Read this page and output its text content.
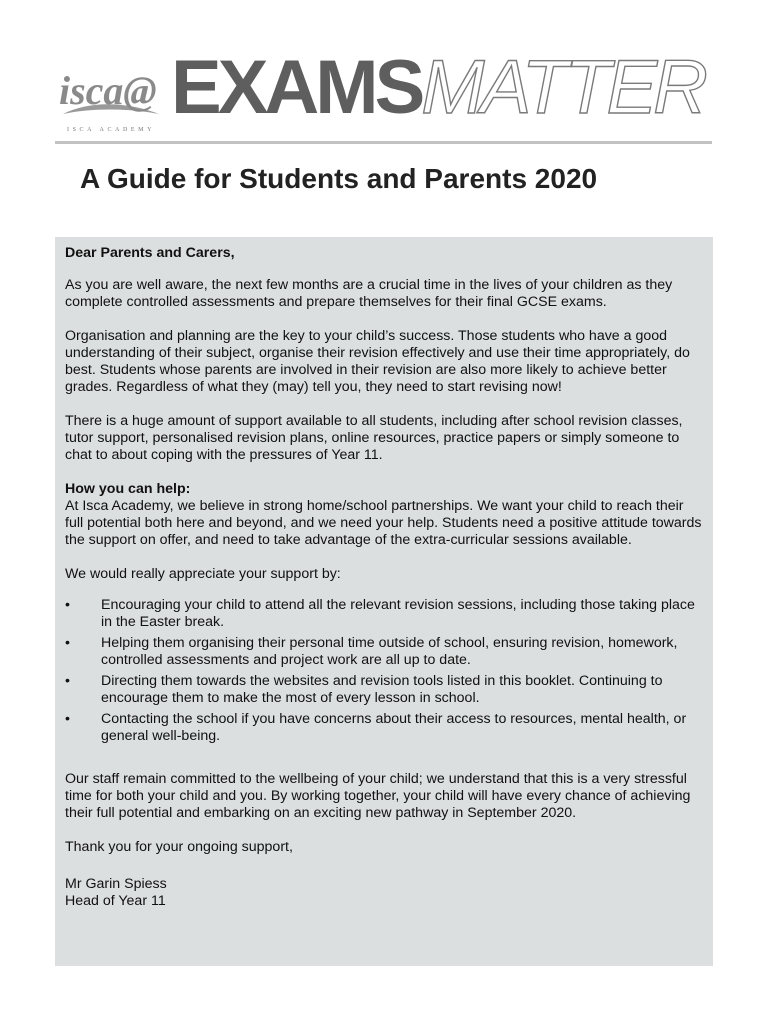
isca@
ISCA ACADEMY EXAMSMATTER
A Guide for Students and Parents 2020

Dear Parents and Carers,

As you are well aware, the next few months are a crucial time in the lives of your children as they complete controlled assessments and prepare themselves for their final GCSE exams.

Organisation and planning are the key to your child’s success. Those students who have a good understanding of their subject, organise their revision effectively and use their time appropriately, do best. Students whose parents are involved in their revision are also more likely to achieve better grades. Regardless of what they (may) tell you, they need to start revising now!

There is a huge amount of support available to all students, including after school revision classes, tutor support, personalised revision plans, online resources, practice papers or simply someone to chat to about coping with the pressures of Year 11.

How you can help:

At Isca Academy, we believe in strong home/school partnerships. We want your child to reach their full potential both here and beyond, and we need your help. Students need a positive attitude towards the support on offer, and need to take advantage of the extra-curricular sessions available.

We would really appreciate your support by:

• Encouraging your child to attend all the relevant revision sessions, including those taking place in the Easter break.
• Helping them organising their personal time outside of school, ensuring revision, homework, controlled assessments and project work are all up to date.
• Directing them towards the websites and revision tools listed in this booklet. Continuing to encourage them to make the most of every lesson in school.
• Contacting the school if you have concerns about their access to resources, mental health, or general well-being.

Our staff remain committed to the wellbeing of your child; we understand that this is a very stressful time for both your child and you. By working together, your child will have every chance of achieving their full potential and embarking on an exciting new pathway in September 2020.

Thank you for your ongoing support,

Mr Garin Spiess

Head of Year 11
